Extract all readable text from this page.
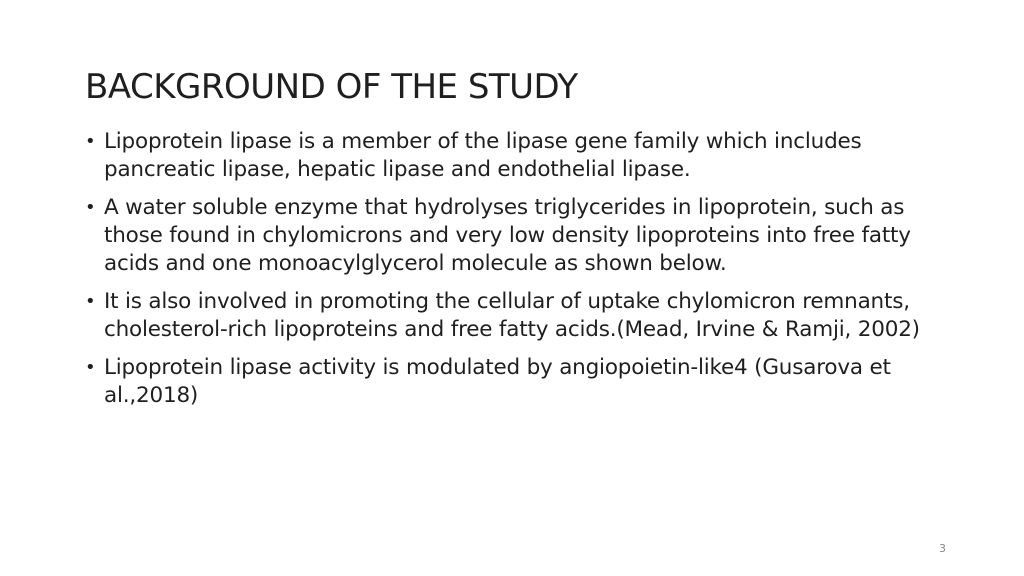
BACKGROUND OF THE STUDY
• Lipoprotein lipase is a member of the lipase gene family which includes pancreatic lipase, hepatic lipase and endothelial lipase.
• A water soluble enzyme that hydrolyses triglycerides in lipoprotein, such as those found in chylomicrons and very low density lipoproteins into free fatty acids and one monoacylglycerol molecule as shown below.
• It is also involved in promoting the cellular of uptake chylomicron remnants, cholesterol-rich lipoproteins and free fatty acids.(Mead, Irvine & Ramji, 2002)
• Lipoprotein lipase activity is modulated by angiopoietin-like4 (Gusarova et al.,2018)
3
